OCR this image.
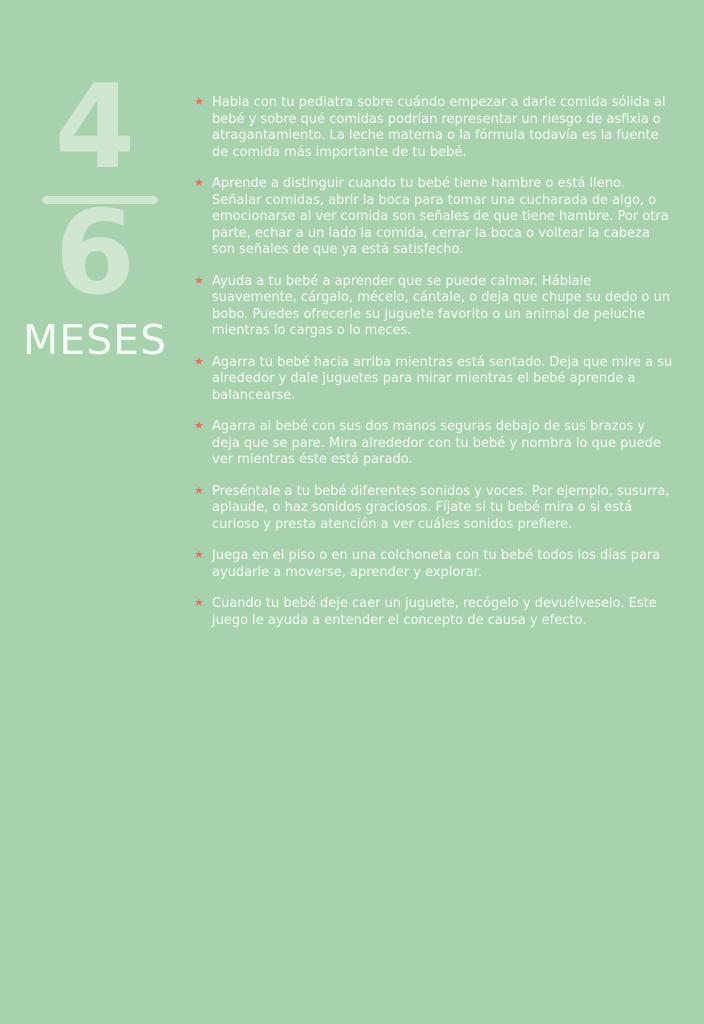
4
6
MESES
★ Habla con tu pediatra sobre cuándo empezar a darle comida sólida al bebé y sobre qué comidas podrían representar un riesgo de asfixia o atragantamiento. La leche materna o la fórmula todavía es la fuente de comida más importante de tu bebé.
★ Aprende a distinguir cuando tu bebé tiene hambre o está lleno. Señalar comidas, abrir la boca para tomar una cucharada de algo, o emocionarse al ver comida son señales de que tiene hambre. Por otra parte, echar a un lado la comida, cerrar la boca o voltear la cabeza son señales de que ya está satisfecho.
★ Ayuda a tu bebé a aprender que se puede calmar. Háblale suavemente, cárgalo, mécelo, cántale, o deja que chupe su dedo o un bobo. Puedes ofrecerle su juguete favorito o un animal de peluche mientras lo cargas o lo meces.
★ Agarra tu bebé hacia arriba mientras está sentado. Deja que mire a su alrededor y dale juguetes para mirar mientras el bebé aprende a balancearse.
★ Agarra al bebé con sus dos manos seguras debajo de sus brazos y deja que se pare. Mira alrededor con tu bebé y nombra lo que puede ver mientras éste está parado.
★ Preséntale a tu bebé diferentes sonidos y voces. Por ejemplo, susurra, aplaude, o haz sonidos graciosos. Fíjate si tu bebé mira o si está curioso y presta atención a ver cuáles sonidos prefiere.
★ Juega en el piso o en una colchoneta con tu bebé todos los días para ayudarle a moverse, aprender y explorar.
★ Cuando tu bebé deje caer un juguete, recógelo y devuélveselo. Este juego le ayuda a entender el concepto de causa y efecto.
